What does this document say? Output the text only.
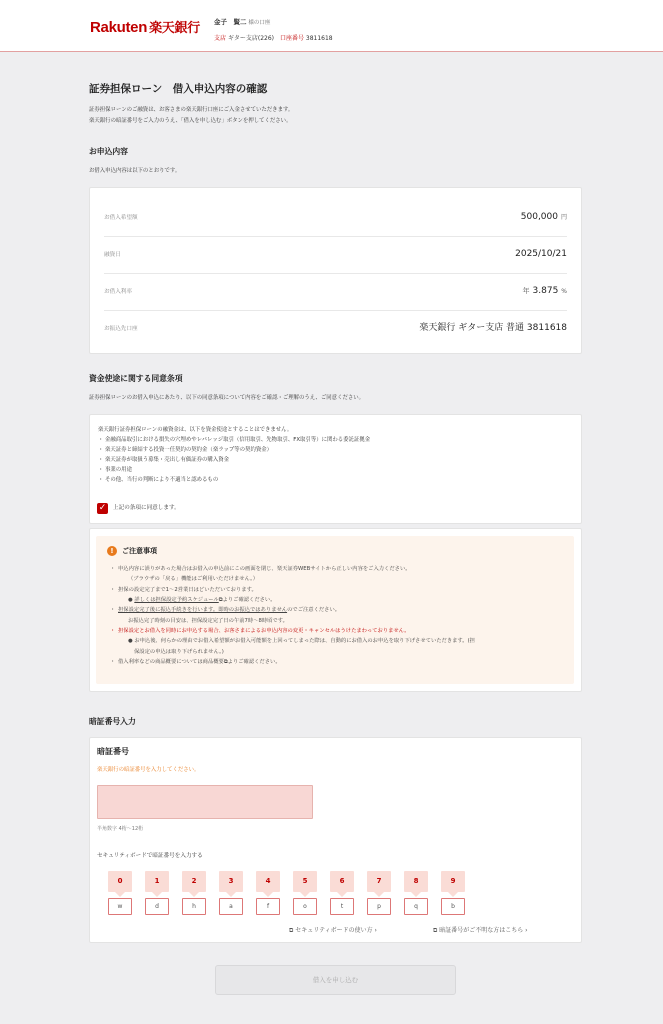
Rakuten 楽天銀行 金子　賢二 様の口座
支店 ギター支店(226) 口座番号 3811618
証券担保ローン　借入申込内容の確認
証券担保ローンのご融資は、お客さまの楽天銀行口座にご入金させていただきます。
楽天銀行の暗証番号をご入力のうえ、「借入を申し込む」ボタンを押してください。
お申込内容
お借入申込内容は以下のとおりです。
お借入希望額	500,000 円
融資日	2025/10/21
お借入利率	年 3.875 %
お振込先口座	楽天銀行 ギター支店 普通 3811618
資金使途に関する同意条項
証券担保ローンのお借入申込にあたり、以下の同意条項について内容をご確認・ご理解のうえ、ご同意ください。
楽天銀行証券担保ローンの融資金は、以下を資金使途とすることはできません。
・ 金融商品取引における損失の穴埋めやレバレッジ取引（信用取引、先物取引、FX取引等）に関わる委託証拠金
・ 楽天証券と締結する投資一任契約の契約金（楽ラップ等の契約資金）
・ 楽天証券が取扱う募集・売出し有価証券の購入資金
・ 事業の用途
・ その他、当行の判断により不適当と認めるもの
✓	上記の条項に同意します。
!	ご注意事項
・ 申込内容に誤りがあった場合はお借入の申込前にこの画面を閉じ、楽天証券WEBサイトから正しい内容をご入力ください。
（ブラウザの「戻る」機能はご利用いただけません。）
・ 担保の設定完了まで1〜2営業日はどいただいております。
● 詳しくは担保設定予約スケジュール⧉よりご確認ください。
・ 担保設定完了後に振込手続きを行います。即時のお振込ではありませんのでご注意ください。
お振込完了時刻の目安は、担保設定完了日の午前7時〜8時頃です。
・ 担保設定とお借入を同時にお申込する場合、お客さまによるお申込内容の変更・キャンセルはうけたまわっておりません。
● お申込後、何らかの理由でお借入希望額がお借入可能額を上回ってしまった際は、自動的にお借入のお申込を取り下げさせていただきます。(担
保設定の申込は取り下げられません。)
・ 借入利率などの商品概要については商品概要⧉よりご確認ください。
暗証番号入力
暗証番号
楽天銀行の暗証番号を入力してください。
半角数字 4桁〜12桁
セキュリティボードで暗証番号を入力する
0	1	2	3	4	5	6	7	8	9
w	d	h	a	f	o	t	p	q	b
⧉ セキュリティボードの使い方 ›	⧉ 暗証番号がご不明な方はこちら ›
借入を申し込む
